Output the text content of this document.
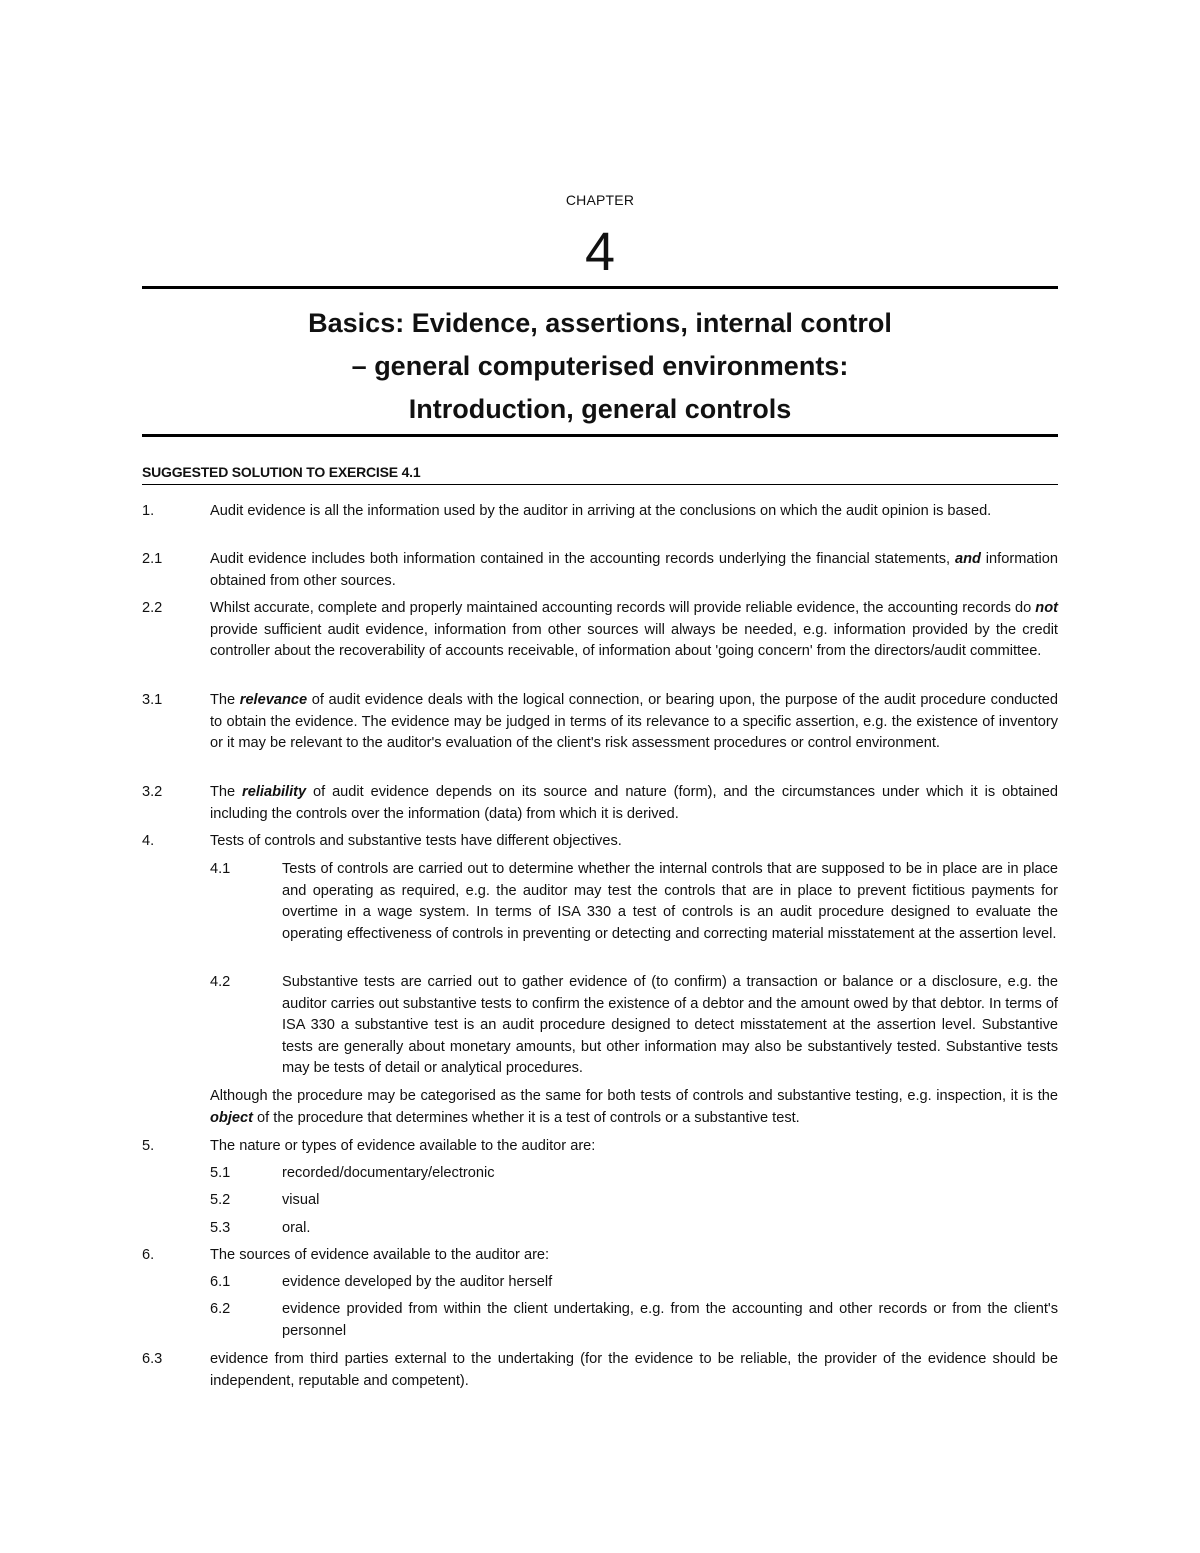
CHAPTER
4
Basics: Evidence, assertions, internal control
– general computerised environments:
Introduction, general controls
SUGGESTED SOLUTION TO EXERCISE 4.1
1.	Audit evidence is all the information used by the auditor in arriving at the conclusions on which the audit opinion is based.
2.1	Audit evidence includes both information contained in the accounting records underlying the financial statements, and information obtained from other sources.
2.2	Whilst accurate, complete and properly maintained accounting records will provide reliable evidence, the accounting records do not provide sufficient audit evidence, information from other sources will always be needed, e.g. information provided by the credit controller about the recoverability of accounts receivable, of information about 'going concern' from the directors/audit committee.
3.1	The relevance of audit evidence deals with the logical connection, or bearing upon, the purpose of the audit procedure conducted to obtain the evidence. The evidence may be judged in terms of its relevance to a specific assertion, e.g. the existence of inventory or it may be relevant to the auditor's evaluation of the client's risk assessment procedures or control environment.
3.2	The reliability of audit evidence depends on its source and nature (form), and the circumstances under which it is obtained including the controls over the information (data) from which it is derived.
4.	Tests of controls and substantive tests have different objectives.
4.1	Tests of controls are carried out to determine whether the internal controls that are supposed to be in place are in place and operating as required, e.g. the auditor may test the controls that are in place to prevent fictitious payments for overtime in a wage system. In terms of ISA 330 a test of controls is an audit procedure designed to evaluate the operating effectiveness of controls in preventing or detecting and correcting material misstatement at the assertion level.
4.2	Substantive tests are carried out to gather evidence of (to confirm) a transaction or balance or a disclosure, e.g. the auditor carries out substantive tests to confirm the existence of a debtor and the amount owed by that debtor. In terms of ISA 330 a substantive test is an audit procedure designed to detect misstatement at the assertion level. Substantive tests are generally about monetary amounts, but other information may also be substantively tested. Substantive tests may be tests of detail or analytical procedures.
Although the procedure may be categorised as the same for both tests of controls and substantive testing, e.g. inspection, it is the object of the procedure that determines whether it is a test of controls or a substantive test.
5.	The nature or types of evidence available to the auditor are:
5.1	recorded/documentary/electronic
5.2	visual
5.3	oral.
6.	The sources of evidence available to the auditor are:
6.1	evidence developed by the auditor herself
6.2	evidence provided from within the client undertaking, e.g. from the accounting and other records or from the client's personnel
6.3	evidence from third parties external to the undertaking (for the evidence to be reliable, the provider of the evidence should be independent, reputable and competent).
